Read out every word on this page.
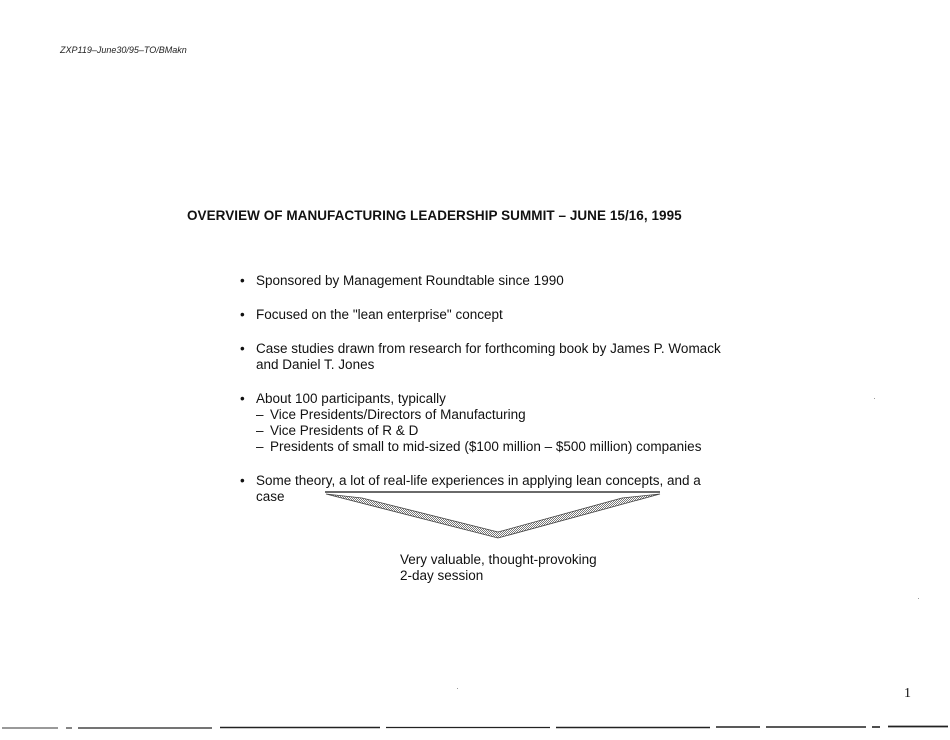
ZXP119–June30/95–TO/BMakn
OVERVIEW OF MANUFACTURING LEADERSHIP SUMMIT – JUNE 15/16, 1995
• Sponsored by Management Roundtable since 1990
• Focused on the "lean enterprise" concept
• Case studies drawn from research for forthcoming book by James P. Womack
and Daniel T. Jones
• About 100 participants, typically
– Vice Presidents/Directors of Manufacturing
– Vice Presidents of R & D
– Presidents of small to mid-sized ($100 million – $500 million) companies
• Some theory, a lot of real-life experiences in applying lean concepts, and a
case
Very valuable, thought-provoking
2-day session
1
